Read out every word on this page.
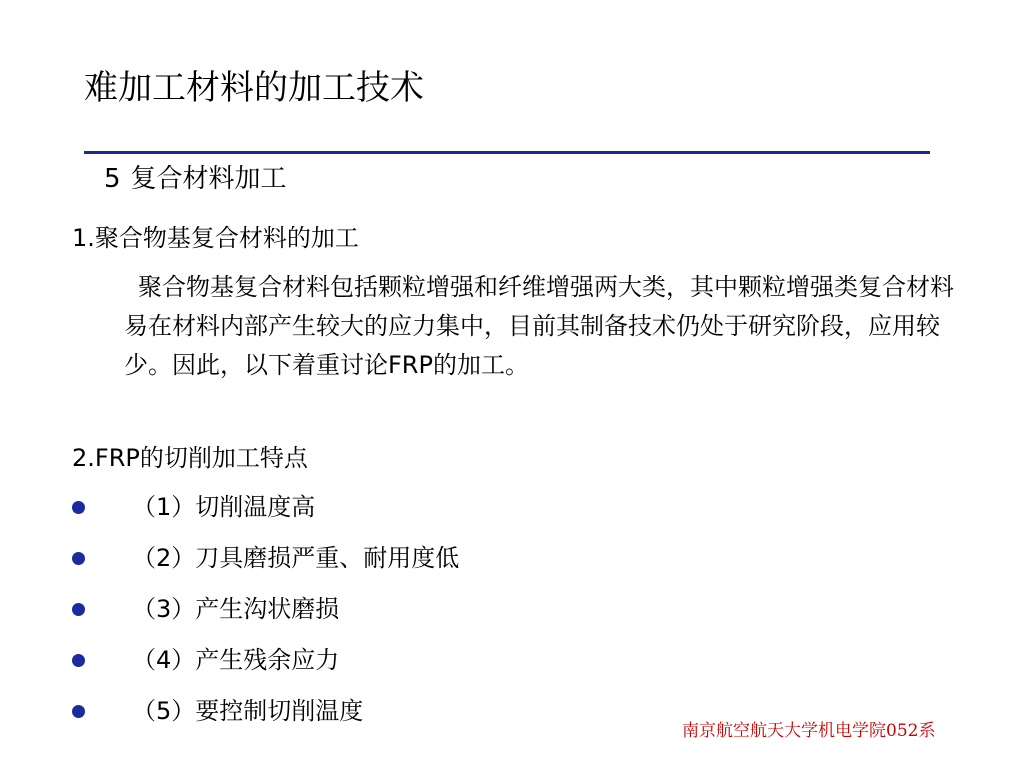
难加工材料的加工技术
5 复合材料加工
1.聚合物基复合材料的加工

聚合物基复合材料包括颗粒增强和纤维增强两大类，其中颗粒增强类复合材料易在材料内部产生较大的应力集中，目前其制备技术仍处于研究阶段，应用较少。因此，以下着重讨论FRP的加工。

2.FRP的切削加工特点
（1）切削温度高
（2）刀具磨损严重、耐用度低
（3）产生沟状磨损
（4）产生残余应力
（5）要控制切削温度
南京航空航天大学机电学院052系
